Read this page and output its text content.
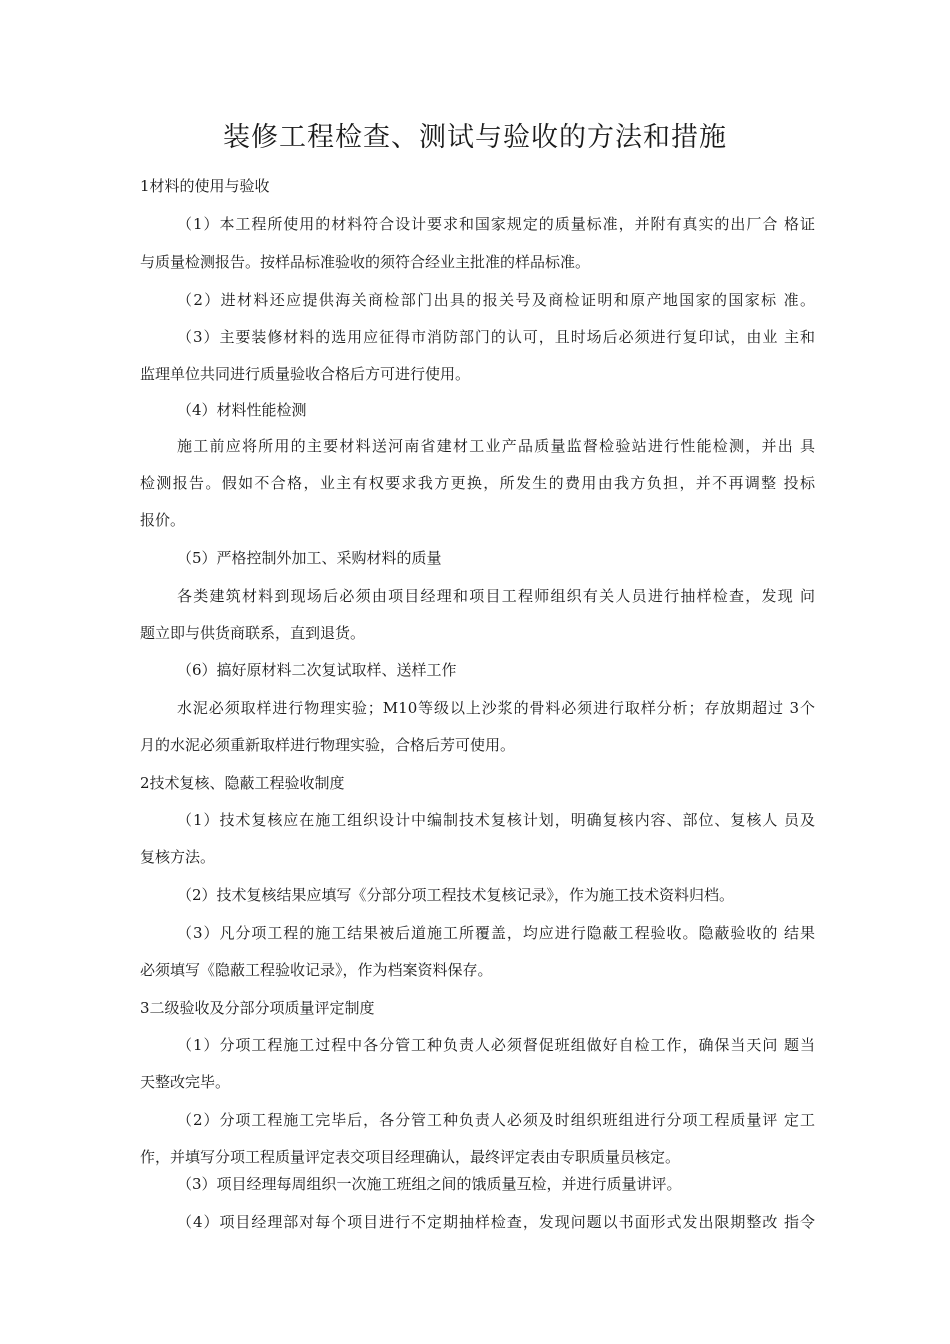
装修工程检查、测试与验收的方法和措施
1材料的使用与验收
（1）本工程所使用的材料符合设计要求和国家规定的质量标准，并附有真实的出厂合 格证
与质量检测报告。按样品标准验收的须符合经业主批准的样品标准。
（2）进材料还应提供海关商检部门出具的报关号及商检证明和原产地国家的国家标 准。
（3）主要装修材料的选用应征得市消防部门的认可，且时场后必须进行复印试，由业 主和
监理单位共同进行质量验收合格后方可进行使用。
（4）材料性能检测
施工前应将所用的主要材料送河南省建材工业产品质量监督检验站进行性能检测，并出 具
检测报告。假如不合格，业主有权要求我方更换，所发生的费用由我方负担，并不再调整 投标
报价。
（5）严格控制外加工、采购材料的质量
各类建筑材料到现场后必须由项目经理和项目工程师组织有关人员进行抽样检查，发现 问
题立即与供货商联系，直到退货。
（6）搞好原材料二次复试取样、送样工作
水泥必须取样进行物理实验；M10等级以上沙浆的骨料必须进行取样分析；存放期超过 3个
月的水泥必须重新取样进行物理实验，合格后芳可使用。
2技术复核、隐蔽工程验收制度
（1）技术复核应在施工组织设计中编制技术复核计划，明确复核内容、部位、复核人 员及
复核方法。
（2）技术复核结果应填写《分部分项工程技术复核记录》，作为施工技术资料归档。
（3）凡分项工程的施工结果被后道施工所覆盖，均应进行隐蔽工程验收。隐蔽验收的 结果
必须填写《隐蔽工程验收记录》，作为档案资料保存。
3二级验收及分部分项质量评定制度
（1）分项工程施工过程中各分管工种负责人必须督促班组做好自检工作，确保当天问 题当
天整改完毕。
（2）分项工程施工完毕后，各分管工种负责人必须及时组织班组进行分项工程质量评 定工
作，并填写分项工程质量评定表交项目经理确认，最终评定表由专职质量员核定。
（3）项目经理每周组织一次施工班组之间的饿质量互检，并进行质量讲评。
（4）项目经理部对每个项目进行不定期抽样检查，发现问题以书面形式发出限期整改 指令
